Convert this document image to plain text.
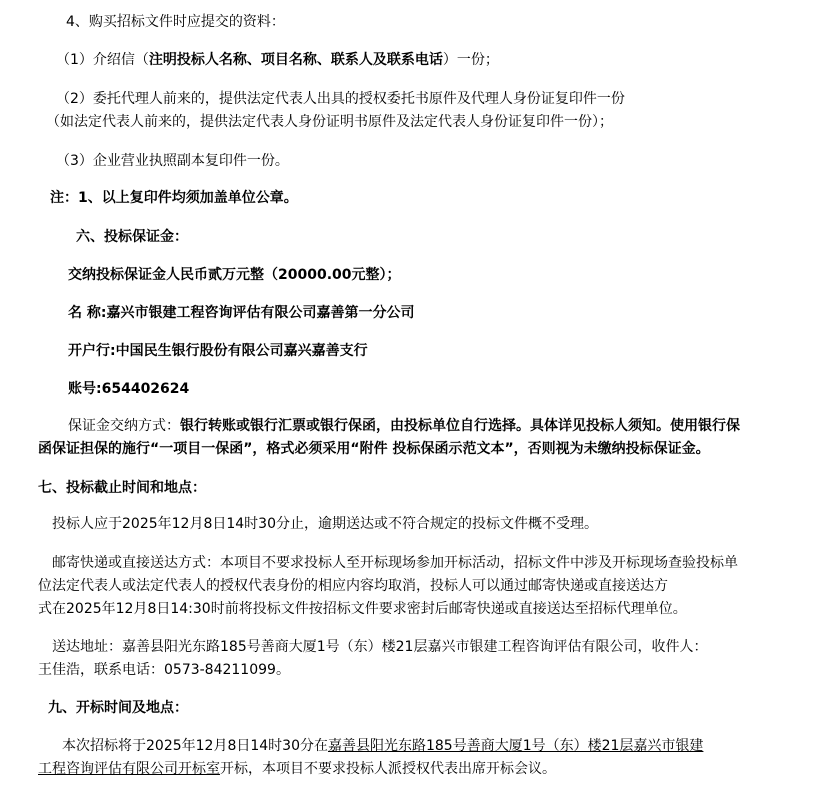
4、购买招标文件时应提交的资料：
（1）介绍信（注明投标人名称、项目名称、联系人及联系电话）一份；
（2）委托代理人前来的，提供法定代表人出具的授权委托书原件及代理人身份证复印件一份
（如法定代表人前来的，提供法定代表人身份证明书原件及法定代表人身份证复印件一份）；
（3）企业营业执照副本复印件一份。
注：1、以上复印件均须加盖单位公章。
六、投标保证金：
交纳投标保证金人民币贰万元整（20000.00元整）；
名 称:嘉兴市银建工程咨询评估有限公司嘉善第一分公司
开户行:中国民生银行股份有限公司嘉兴嘉善支行
账号:654402624
保证金交纳方式：银行转账或银行汇票或银行保函，由投标单位自行选择。具体详见投标人须知。使用银行保
函保证担保的施行“一项目一保函”，格式必须采用“附件 投标保函示范文本”，否则视为未缴纳投标保证金。
七、投标截止时间和地点：
投标人应于2025年12月8日14时30分止，逾期送达或不符合规定的投标文件概不受理。
邮寄快递或直接送达方式：本项目不要求投标人至开标现场参加开标活动，招标文件中涉及开标现场查验投标单
位法定代表人或法定代表人的授权代表身份的相应内容均取消，投标人可以通过邮寄快递或直接送达方
式在2025年12月8日14:30时前将投标文件按招标文件要求密封后邮寄快递或直接送达至招标代理单位。
送达地址：嘉善县阳光东路185号善商大厦1号（东）楼21层嘉兴市银建工程咨询评估有限公司，收件人：
王佳浩，联系电话：0573-84211099。
九、开标时间及地点：
本次招标将于2025年12月8日14时30分在嘉善县阳光东路185号善商大厦1号（东）楼21层嘉兴市银建
工程咨询评估有限公司开标室开标，本项目不要求投标人派授权代表出席开标会议。
